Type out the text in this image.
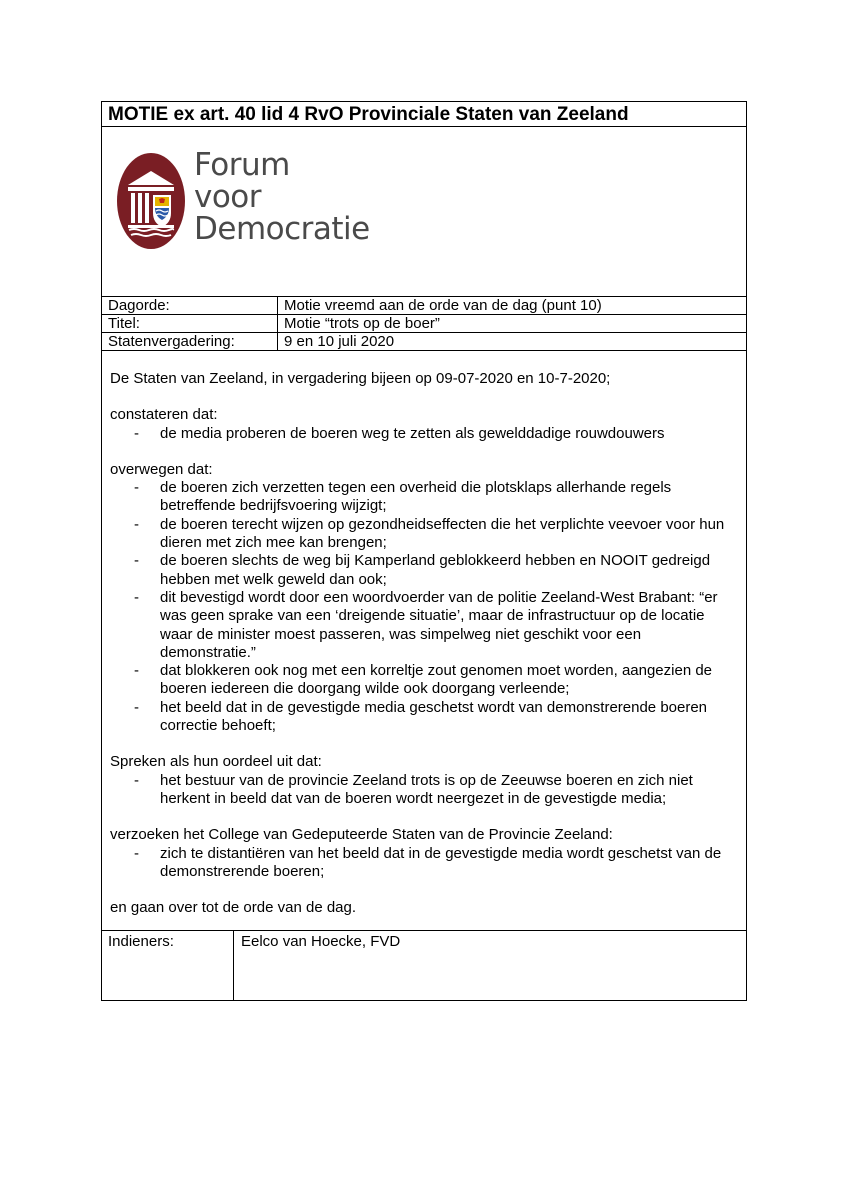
MOTIE ex art. 40 lid 4 RvO Provinciale Staten van Zeeland
Forum
voor
Democratie
Dagorde:	Motie vreemd aan de orde van de dag (punt 10)
Titel:	Motie “trots op de boer”
Statenvergadering:	9 en 10 juli 2020

De Staten van Zeeland, in vergadering bijeen op 09-07-2020 en 10-7-2020;

constateren dat:

- de media proberen de boeren weg te zetten als gewelddadige rouwdouwers

overwegen dat:

- de boeren zich verzetten tegen een overheid die plotsklaps allerhande regels betreffende bedrijfsvoering wijzigt;
- de boeren terecht wijzen op gezondheidseffecten die het verplichte veevoer voor hun dieren met zich mee kan brengen;
- de boeren slechts de weg bij Kamperland geblokkeerd hebben en NOOIT gedreigd hebben met welk geweld dan ook;
- dit bevestigd wordt door een woordvoerder van de politie Zeeland-West Brabant: “er was geen sprake van een ‘dreigende situatie’, maar de infrastructuur op de locatie waar de minister moest passeren, was simpelweg niet geschikt voor een demonstratie.”
- dat blokkeren ook nog met een korreltje zout genomen moet worden, aangezien de boeren iedereen die doorgang wilde ook doorgang verleende;
- het beeld dat in de gevestigde media geschetst wordt van demonstrerende boeren correctie behoeft;

Spreken als hun oordeel uit dat:

- het bestuur van de provincie Zeeland trots is op de Zeeuwse boeren en zich niet herkent in beeld dat van de boeren wordt neergezet in de gevestigde media;

verzoeken het College van Gedeputeerde Staten van de Provincie Zeeland:

- zich te distantiëren van het beeld dat in de gevestigde media wordt geschetst van de demonstrerende boeren;

en gaan over tot de orde van de dag.

Indieners:	Eelco van Hoecke, FVD
